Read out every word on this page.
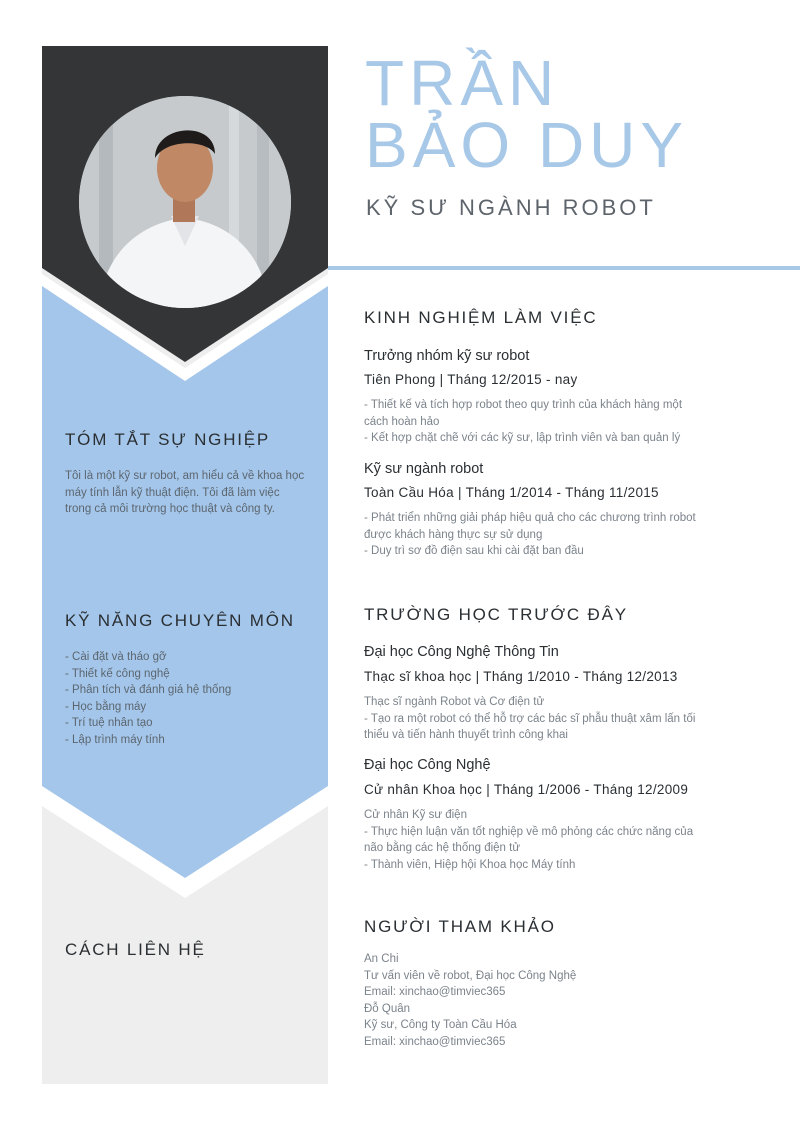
TÓM TẮT SỰ NGHIỆP

Tôi là một kỹ sư robot, am hiểu cả về khoa học máy tính lẫn kỹ thuật điện. Tôi đã làm việc trong cả môi trường học thuật và công ty.

KỸ NĂNG CHUYÊN MÔN
- Cài đặt và tháo gỡ
- Thiết kế công nghệ
- Phân tích và đánh giá hệ thống
- Học bằng máy
- Trí tuệ nhân tạo
- Lập trình máy tính
CÁCH LIÊN HỆ
TRẦN
BẢO DUY
KỸ SƯ NGÀNH ROBOT
KINH NGHIỆM LÀM VIỆC

Trưởng nhóm kỹ sư robot

Tiên Phong | Tháng 12/2015 - nay

- Thiết kế và tích hợp robot theo quy trình của khách hàng một
cách hoàn hảo
- Kết hợp chặt chẽ với các kỹ sư, lập trình viên và ban quản lý

Kỹ sư ngành robot

Toàn Cầu Hóa | Tháng 1/2014 - Tháng 11/2015

- Phát triển những giải pháp hiệu quả cho các chương trình robot
được khách hàng thực sự sử dụng
- Duy trì sơ đồ điện sau khi cài đặt ban đầu
TRƯỜNG HỌC TRƯỚC ĐÂY

Đại học Công Nghệ Thông Tin

Thạc sĩ khoa học | Tháng 1/2010 - Tháng 12/2013

Thạc sĩ ngành Robot và Cơ điện tử
- Tạo ra một robot có thể hỗ trợ các bác sĩ phẫu thuật xâm lấn tối
thiểu và tiến hành thuyết trình công khai

Đại học Công Nghệ

Cử nhân Khoa học | Tháng 1/2006 - Tháng 12/2009

Cử nhân Kỹ sư điện
- Thực hiện luận văn tốt nghiệp về mô phỏng các chức năng của
não bằng các hệ thống điện tử
- Thành viên, Hiệp hội Khoa học Máy tính
NGƯỜI THAM KHẢO
An Chi
Tư vấn viên về robot, Đại học Công Nghệ
Email: xinchao@timviec365
Đỗ Quân
Kỹ sư, Công ty Toàn Cầu Hóa
Email: xinchao@timviec365
